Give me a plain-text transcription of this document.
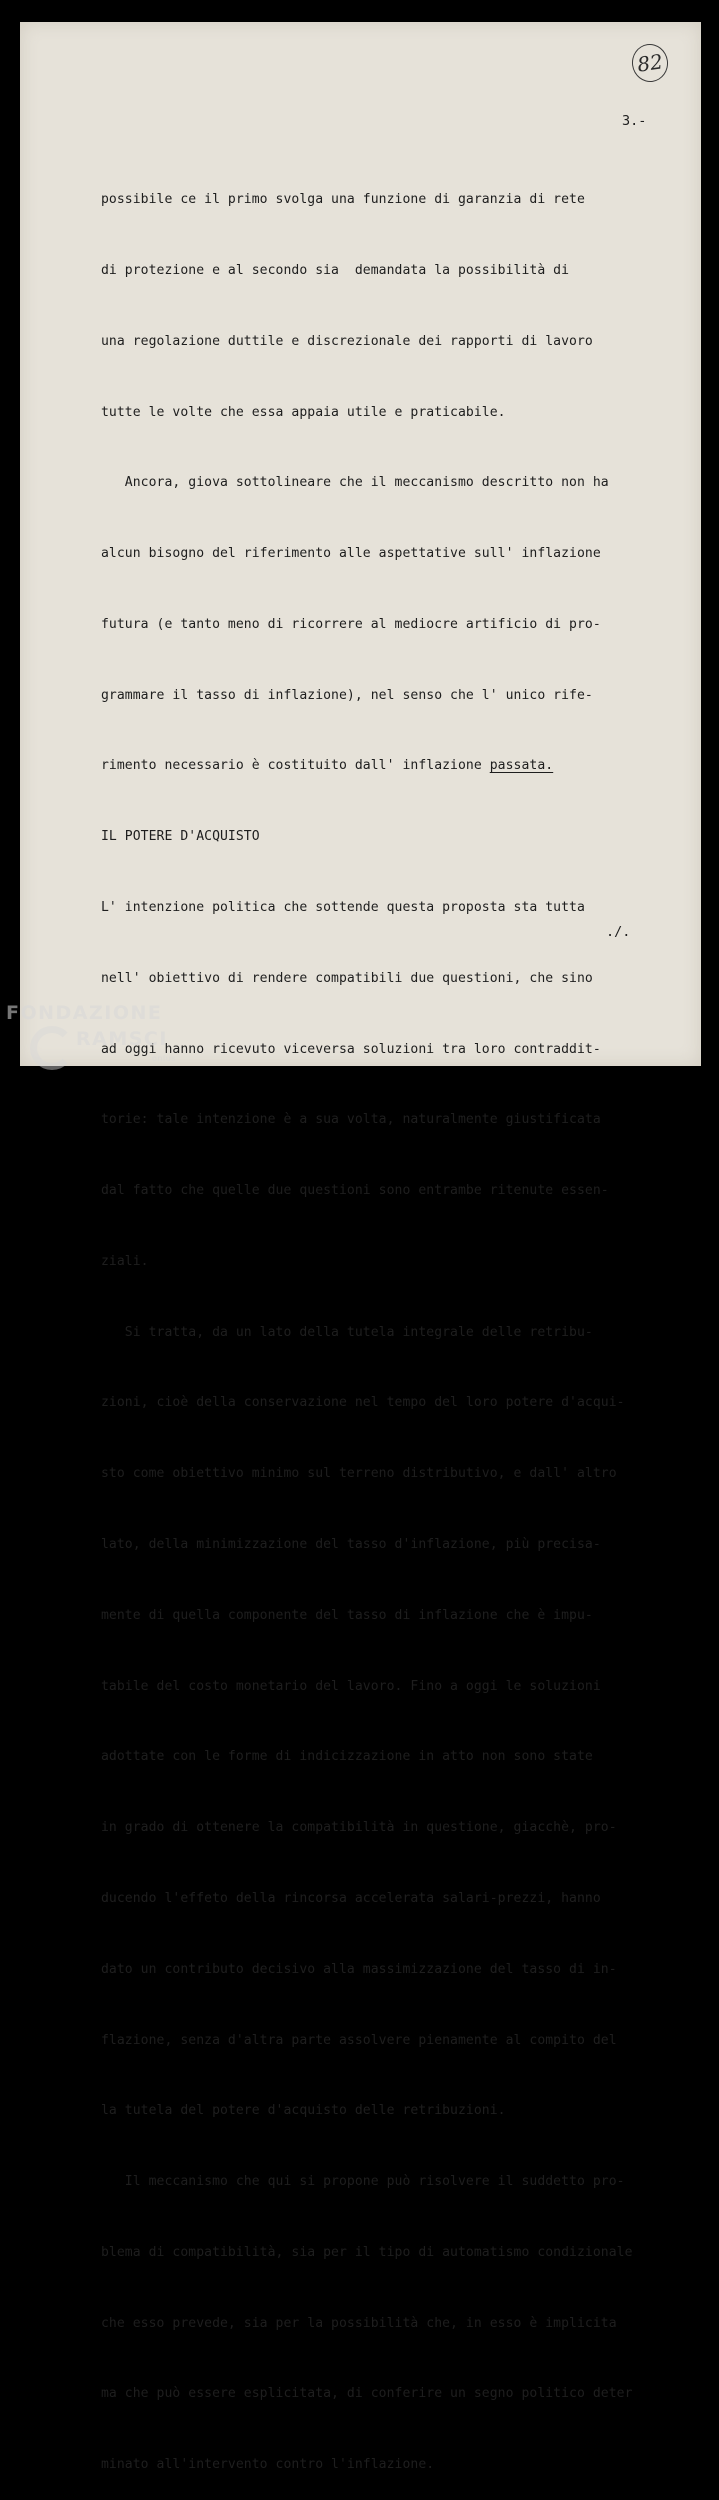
82
3.-

possibile ce il primo svolga una funzione di garanzia di rete

di protezione e al secondo sia  demandata la possibilità di

una regolazione duttile e discrezionale dei rapporti di lavoro

tutte le volte che essa appaia utile e praticabile.

Ancora, giova sottolineare che il meccanismo descritto non ha

alcun bisogno del riferimento alle aspettative sull' inflazione

futura (e tanto meno di ricorrere al mediocre artificio di pro-

grammare il tasso di inflazione), nel senso che l' unico rife-

rimento necessario è costituito dall' inflazione passata.

IL POTERE D'ACQUISTO

L' intenzione politica che sottende questa proposta sta tutta

nell' obiettivo di rendere compatibili due questioni, che sino

ad oggi hanno ricevuto viceversa soluzioni tra loro contraddit-

torie: tale intenzione è a sua volta, naturalmente giustificata

dal fatto che quelle due questioni sono entrambe ritenute essen-

ziali.

Si tratta, da un lato della tutela integrale delle retribu-

zioni, cioè della conservazione nel tempo del loro potere d'acqui-

sto come obiettivo minimo sul terreno distributivo, e dall' altro

lato, della minimizzazione del tasso d'inflazione, più precisa-

mente di quella componente del tasso di inflazione che è impu-

tabile del costo monetario del lavoro. Fino a oggi le soluzioni

adottate con le forme di indicizzazione in atto non sono state

in grado di ottenere la compatibilità in questione, giacchè, pro-

ducendo l'effeto della rincorsa accelerata salari-prezzi, hanno

dato un contributo decisivo alla massimizzazione del tasso di in-

flazione, senza d'altra parte assolvere pienamente al compito del

la tutela del potere d'acquisto delle retribuzioni.

Il meccanismo che qui si propone può risolvere il suddetto pro-

blema di compatibilità, sia per il tipo di automatismo condizionale

che esso prevede, sia per la possibilità che, in esso è implicita

ma che può essere esplicitata, di conferire un segno politico deter

minato all'intervento contro l'inflazione.

./.
FONDAZIONE
RAMSCI
onlus
